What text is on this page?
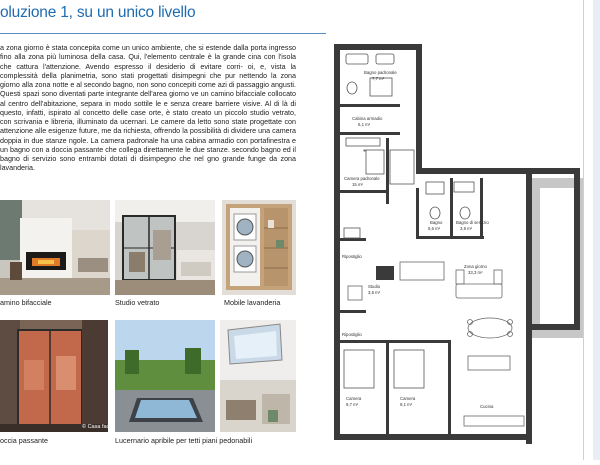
oluzione 1, su un unico livello
a zona giorno è stata concepita come un unico ambiente, che si estende dalla porta ingresso fino alla zona più luminosa della casa. Qui, l'elemento centrale è la grande cina con l'isola che cattura l'attenzione. Avendo espresso il desiderio di evitare corri- oi, e, vista la complessità della planimetria, sono stati progettati disimpegni che pur nettendo la zona giorno alla zona notte e al secondo bagno, non sono concepiti come azi di passaggio angusti. Questi spazi sono diventati parte integrante dell'area giorno ve un camino bifacciale collocato al centro dell'abitazione, separa in modo sottile le e senza creare barriere visive. Al di là di questo, infatti, ispirato al concetto delle case orte, è stato creato un piccolo studio vetrato, con scrivania e libreria, illuminato da ucernari. Le camere da letto sono state progettate con attenzione alle esigenze future, me da richiesta, offrendo la possibilità di dividere una camera doppia in due stanze ngole. La camera padronale ha una cabina armadio con portafinestra e un bagno con a doccia passante che collega direttamente le due stanze. secondo bagno ed il bagno di servizio sono entrambi dotati di disimpegno che nel gno grande funge da zona lavanderia.
amino bifacciale	Studio vetrato	Mobile lavanderia
occia passante
© Casa facile
Lucernario apribile per tetti piani pedonabili
Bagno padronale
7,7 m²
Cabina armadio
6,1 m²
Camera padronale
15 m²
Bagno
5,6 m²
Bagno di servizio
3,9 m²
Ripostiglio
Zona giorno
33,3 m²
Studio
3,5 m²
Ripostiglio
Camera
9,7 m²
Camera
9,1 m²	Cucina
